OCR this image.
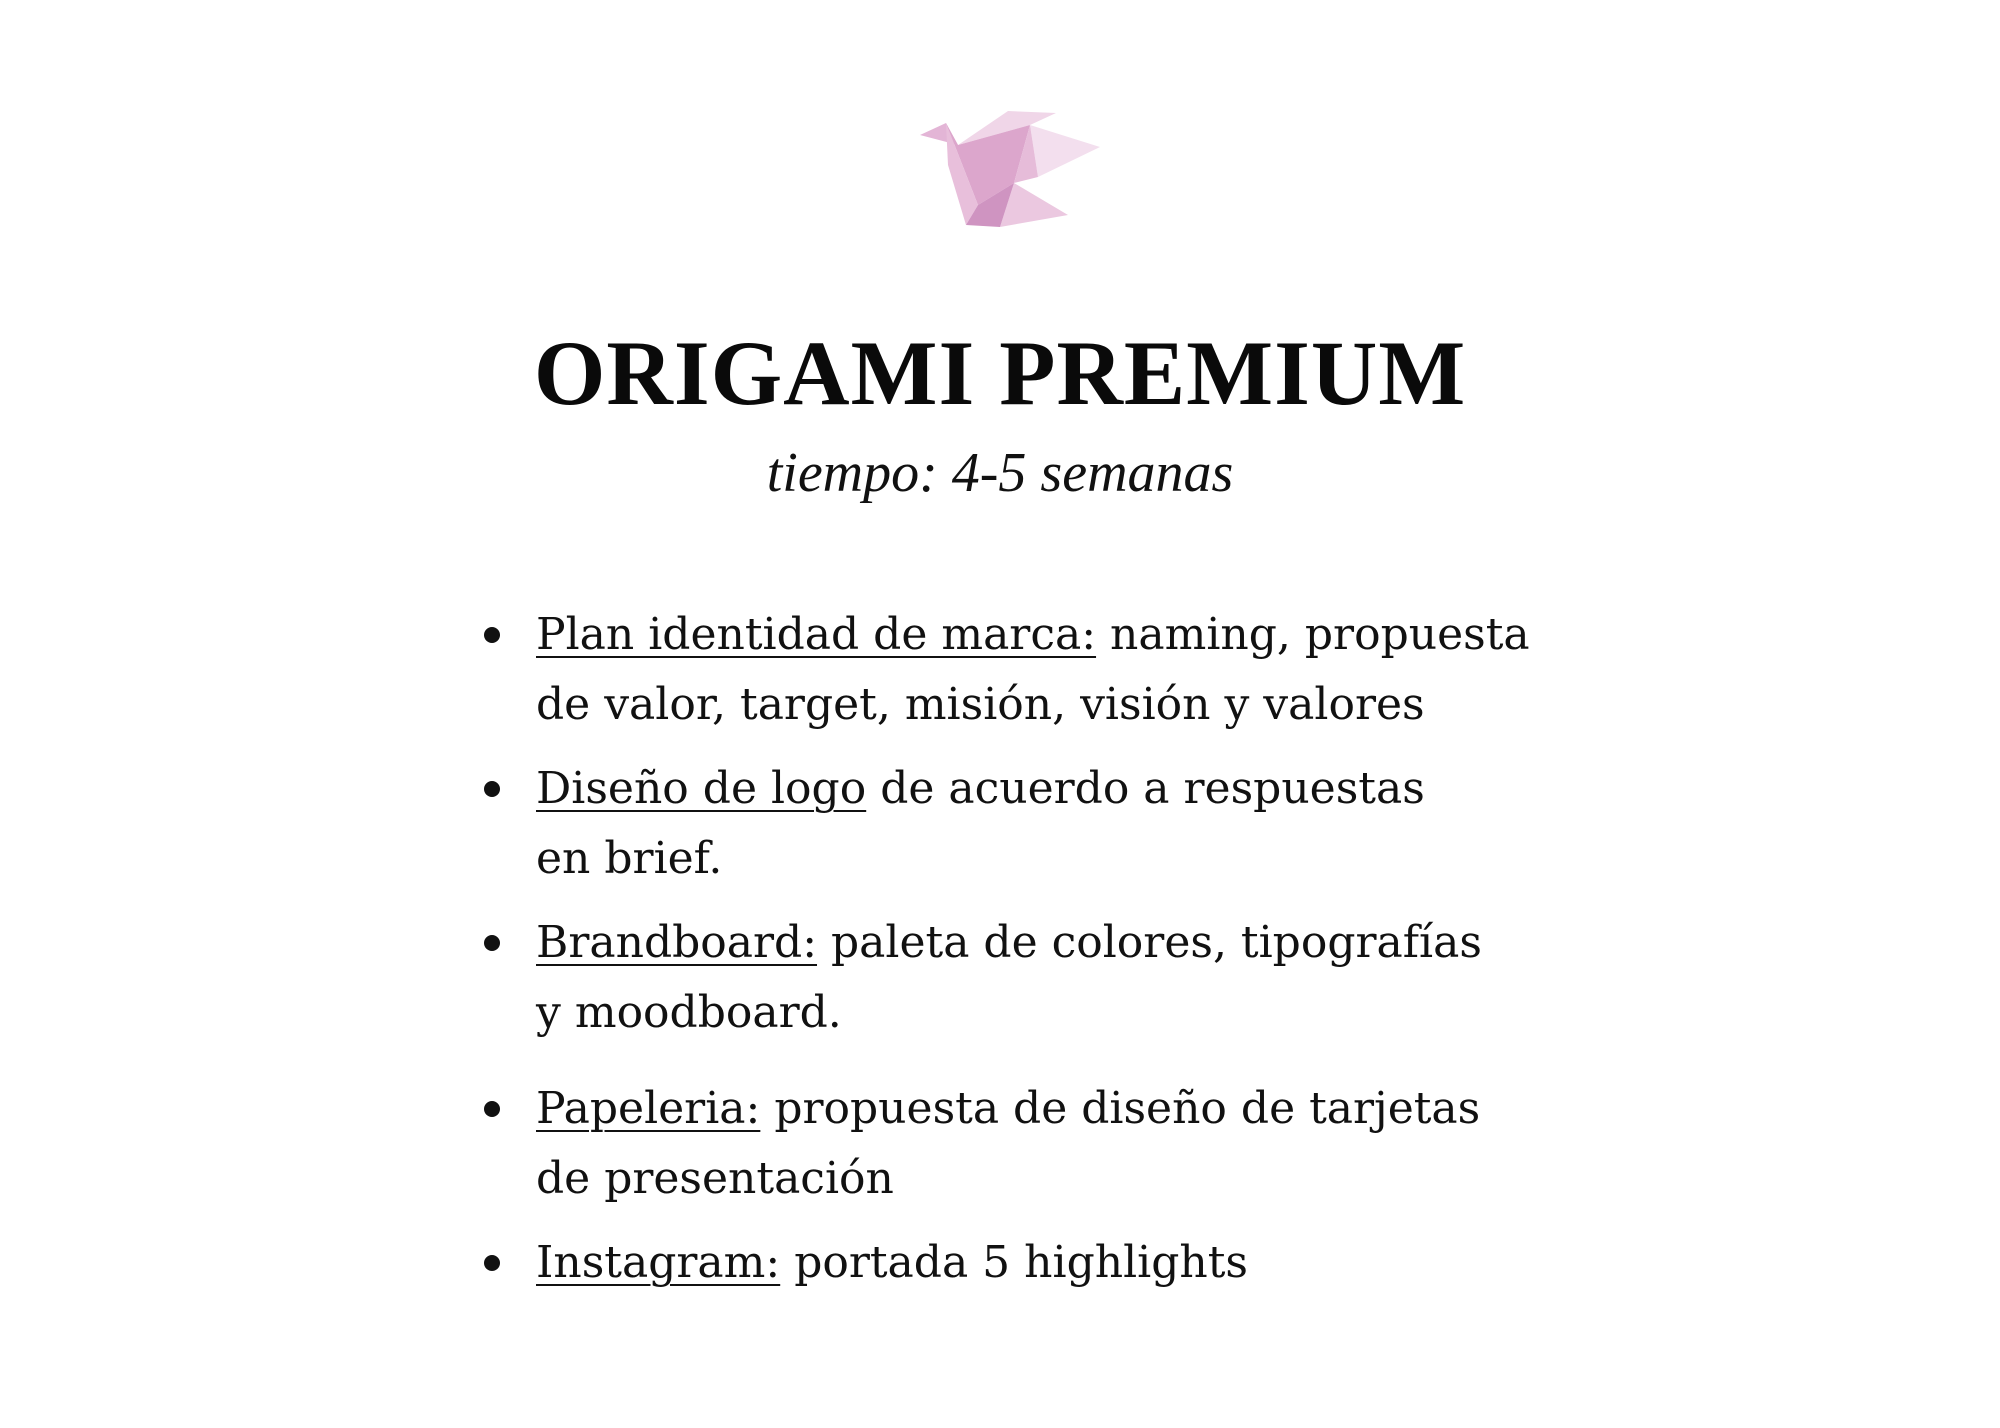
ORIGAMI PREMIUM

tiempo: 4-5 semanas

Plan identidad de marca: naming, propuesta
de valor, target, misión, visión y valores
Diseño de logo de acuerdo a respuestas
en brief.
Brandboard: paleta de colores, tipografías
y moodboard.
Papeleria: propuesta de diseño de tarjetas
de presentación
Instagram: portada 5 highlights
